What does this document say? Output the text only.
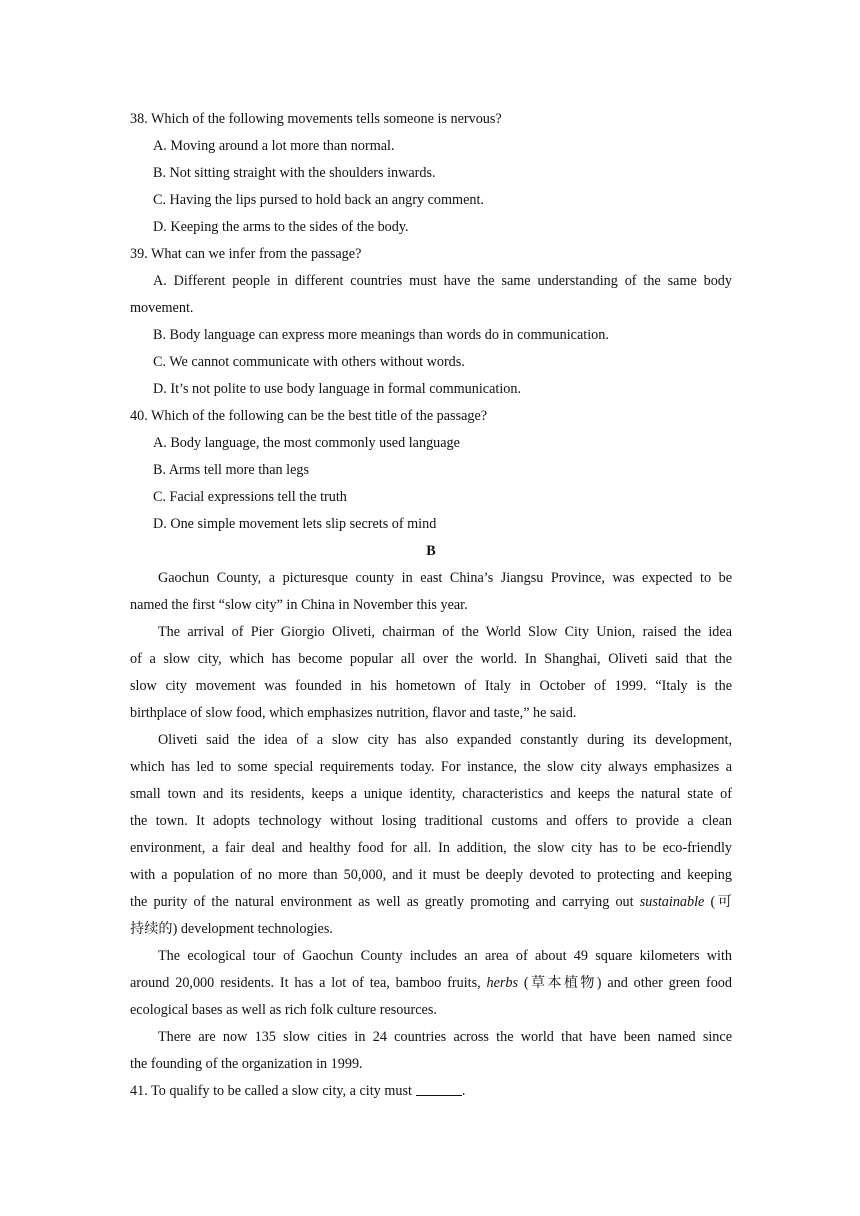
38. Which of the following movements tells someone is nervous?
A. Moving around a lot more than normal.
B. Not sitting straight with the shoulders inwards.
C. Having the lips pursed to hold back an angry comment.
D. Keeping the arms to the sides of the body.
39. What can we infer from the passage?
A. Different people in different countries must have the same understanding of the same body
movement.
B. Body language can express more meanings than words do in communication.
C. We cannot communicate with others without words.
D. It’s not polite to use body language in formal communication.
40. Which of the following can be the best title of the passage?
A. Body language, the most commonly used language
B. Arms tell more than legs
C. Facial expressions tell the truth
D. One simple movement lets slip secrets of mind
B
Gaochun County, a picturesque county in east China’s Jiangsu Province, was expected to be
named the first “slow city” in China in November this year.
The arrival of Pier Giorgio Oliveti, chairman of the World Slow City Union, raised the idea
of a slow city, which has become popular all over the world. In Shanghai, Oliveti said that the
slow city movement was founded in his hometown of Italy in October of 1999. “Italy is the
birthplace of slow food, which emphasizes nutrition, flavor and taste,” he said.
Oliveti said the idea of a slow city has also expanded constantly during its development,
which has led to some special requirements today. For instance, the slow city always emphasizes a
small town and its residents, keeps a unique identity, characteristics and keeps the natural state of
the town. It adopts technology without losing traditional customs and offers to provide a clean
environment, a fair deal and healthy food for all. In addition, the slow city has to be eco-friendly
with a population of no more than 50,000, and it must be deeply devoted to protecting and keeping
the purity of the natural environment as well as greatly promoting and carrying out sustainable (可
持续的) development technologies.
The ecological tour of Gaochun County includes an area of about 49 square kilometers with
around 20,000 residents. It has a lot of tea, bamboo fruits, herbs (草本植物) and other green food
ecological bases as well as rich folk culture resources.
There are now 135 slow cities in 24 countries across the world that have been named since
the founding of the organization in 1999.
41. To qualify to be called a slow city, a city must	.
